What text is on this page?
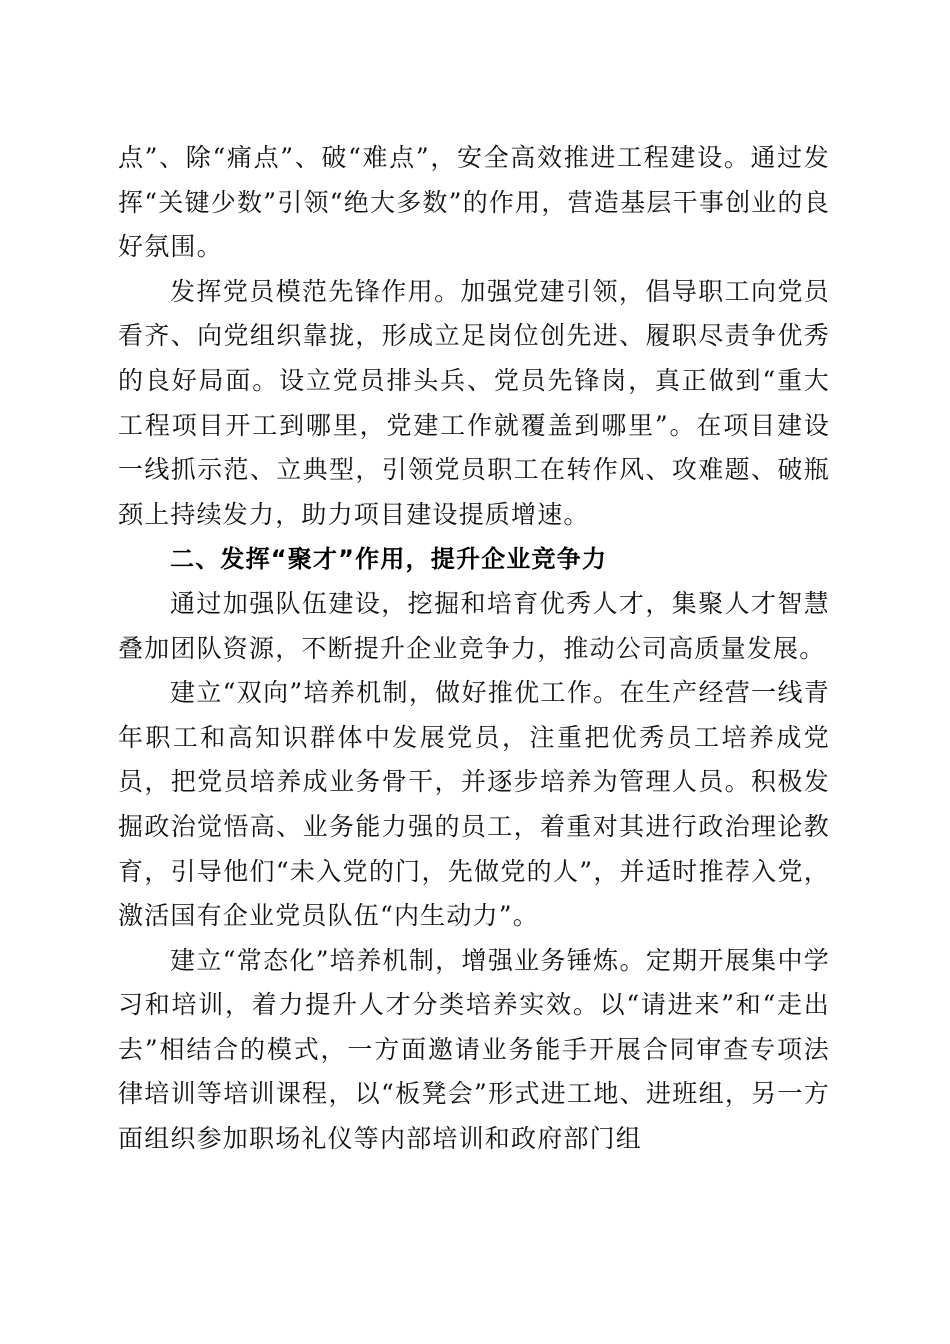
点”、除“痛点”、破“难点”，安全高效推进工程建设。通过发挥“关键少数”引领“绝大多数”的作用，营造基层干事创业的良好氛围。

发挥党员模范先锋作用。加强党建引领，倡导职工向党员看齐、向党组织靠拢，形成立足岗位创先进、履职尽责争优秀的良好局面。设立党员排头兵、党员先锋岗，真正做到“重大工程项目开工到哪里，党建工作就覆盖到哪里”。在项目建设一线抓示范、立典型，引领党员职工在转作风、攻难题、破瓶颈上持续发力，助力项目建设提质增速。

二、发挥“聚才”作用，提升企业竞争力

通过加强队伍建设，挖掘和培育优秀人才，集聚人才智慧叠加团队资源，不断提升企业竞争力，推动公司高质量发展。

建立“双向”培养机制，做好推优工作。在生产经营一线青年职工和高知识群体中发展党员，注重把优秀员工培养成党员，把党员培养成业务骨干，并逐步培养为管理人员。积极发掘政治觉悟高、业务能力强的员工，着重对其进行政治理论教育，引导他们“未入党的门，先做党的人”，并适时推荐入党，激活国有企业党员队伍“内生动力”。

建立“常态化”培养机制，增强业务锤炼。定期开展集中学习和培训，着力提升人才分类培养实效。以“请进来”和“走出去”相结合的模式，一方面邀请业务能手开展合同审查专项法律培训等培训课程，以“板凳会”形式进工地、进班组，另一方面组织参加职场礼仪等内部培训和政府部门组
